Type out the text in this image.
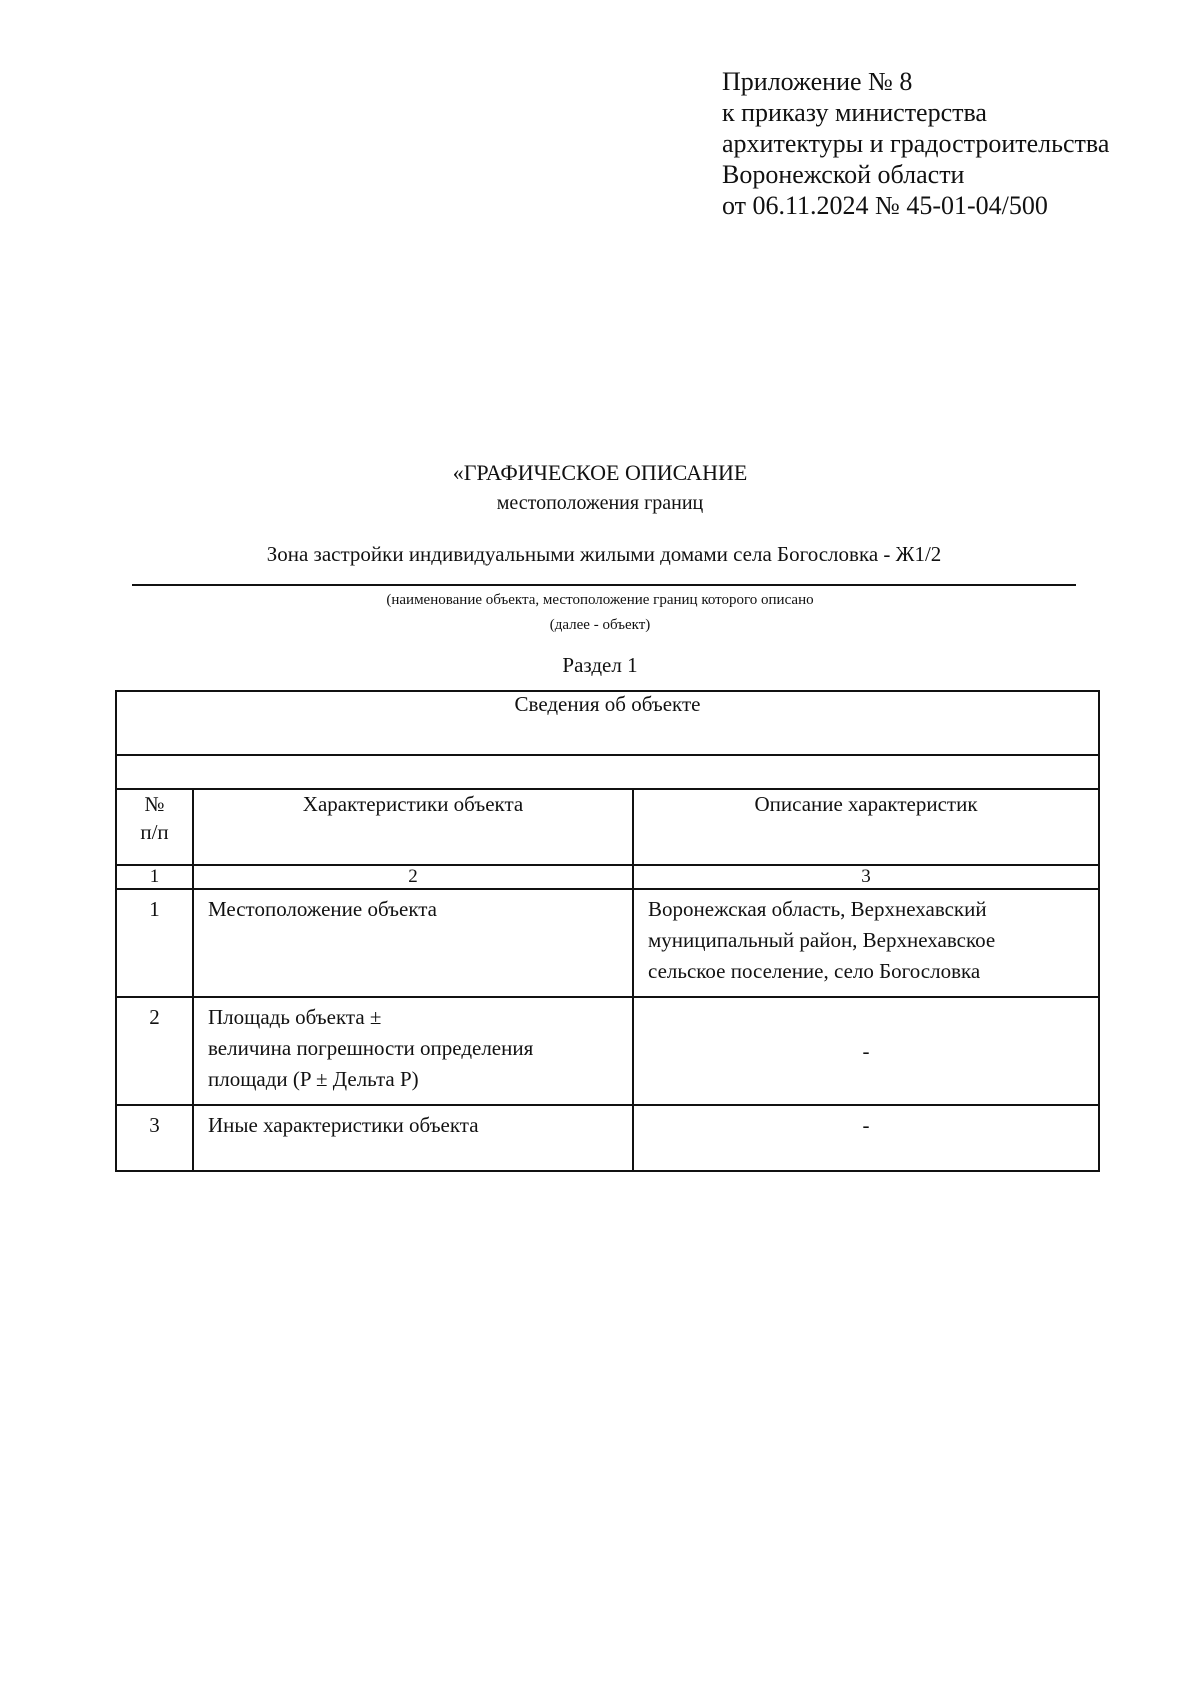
Приложение № 8
к приказу министерства
архитектуры и градостроительства
Воронежской области
от 06.11.2024 № 45-01-04/500
«ГРАФИЧЕСКОЕ ОПИСАНИЕ
местоположения границ
Зона застройки индивидуальными жилыми домами села Богословка - Ж1/2
(наименование объекта, местоположение границ которого описано
(далее - объект)
Раздел 1
Сведения об объекте		

№
п/п	Характеристики объекта	Описание характеристик
1	2	3
1	Местоположение объекта	Воронежская область, Верхнехавский
муниципальный район, Верхнехавское
сельское поселение, село Богословка

2	Площадь объекта ±
величина погрешности определения
площади (P ± Дельта P)	-
3	Иные характеристики объекта	-
